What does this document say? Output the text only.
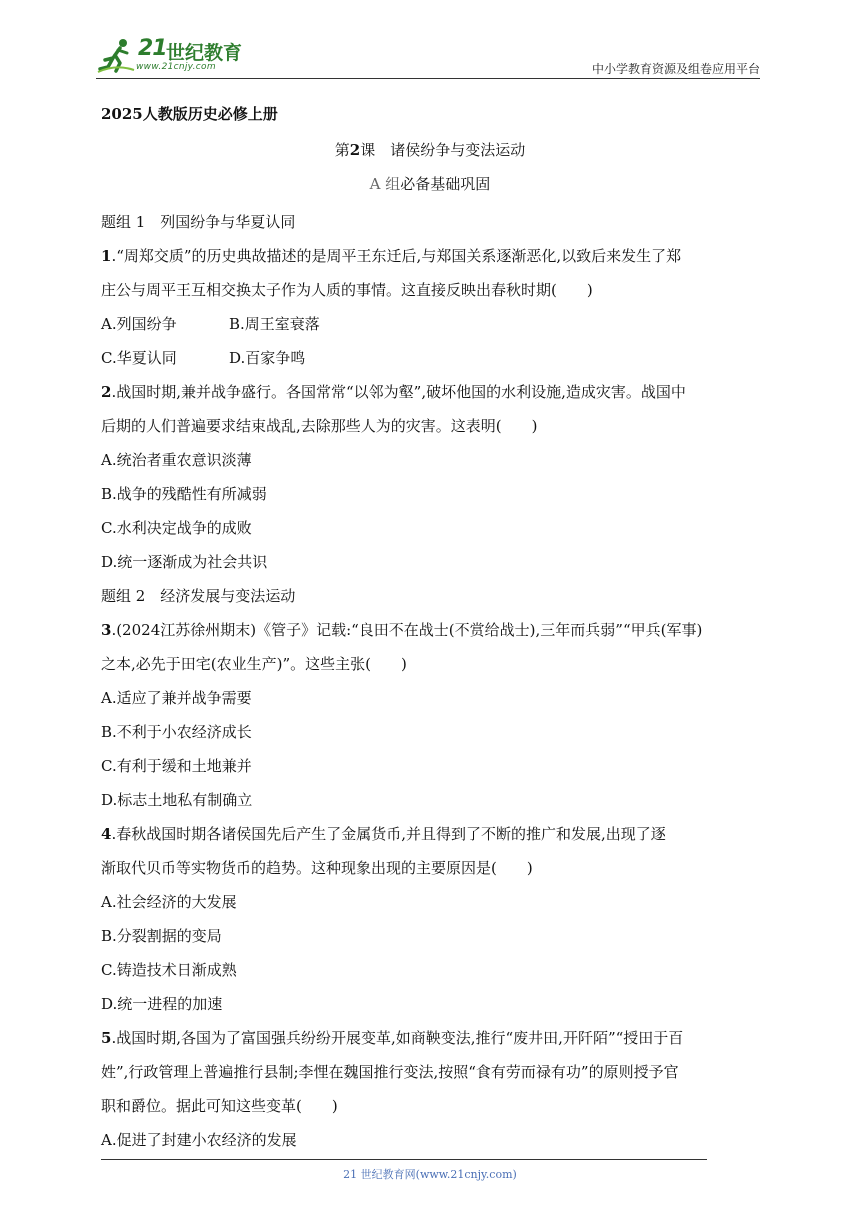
21 世纪教育
www.21cnjy.com	中小学教育资源及组卷应用平台
2025人教版历史必修上册
第2课　诸侯纷争与变法运动
A 组必备基础巩固
题组 1　列国纷争与华夏认同
1.“周郑交质”的历史典故描述的是周平王东迁后,与郑国关系逐渐恶化,以致后来发生了郑
庄公与周平王互相交换太子作为人质的事情。这直接反映出春秋时期(　　)
A.列国纷争	B.周王室衰落
C.华夏认同	D.百家争鸣
2.战国时期,兼并战争盛行。各国常常“以邻为壑”,破坏他国的水利设施,造成灾害。战国中
后期的人们普遍要求结束战乱,去除那些人为的灾害。这表明(　　)
A.统治者重农意识淡薄
B.战争的残酷性有所减弱
C.水利决定战争的成败
D.统一逐渐成为社会共识
题组 2　经济发展与变法运动
3.(2024江苏徐州期末)《管子》记载:“良田不在战士(不赏给战士),三年而兵弱”“甲兵(军事)
之本,必先于田宅(农业生产)”。这些主张(　　)
A.适应了兼并战争需要
B.不利于小农经济成长
C.有利于缓和土地兼并
D.标志土地私有制确立
4.春秋战国时期各诸侯国先后产生了金属货币,并且得到了不断的推广和发展,出现了逐
渐取代贝币等实物货币的趋势。这种现象出现的主要原因是(　　)
A.社会经济的大发展
B.分裂割据的变局
C.铸造技术日渐成熟
D.统一进程的加速
5.战国时期,各国为了富国强兵纷纷开展变革,如商鞅变法,推行“废井田,开阡陌”“授田于百
姓”,行政管理上普遍推行县制;李悝在魏国推行变法,按照“食有劳而禄有功”的原则授予官
职和爵位。据此可知这些变革(　　)
A.促进了封建小农经济的发展
21 世纪教育网(www.21cnjy.com)
